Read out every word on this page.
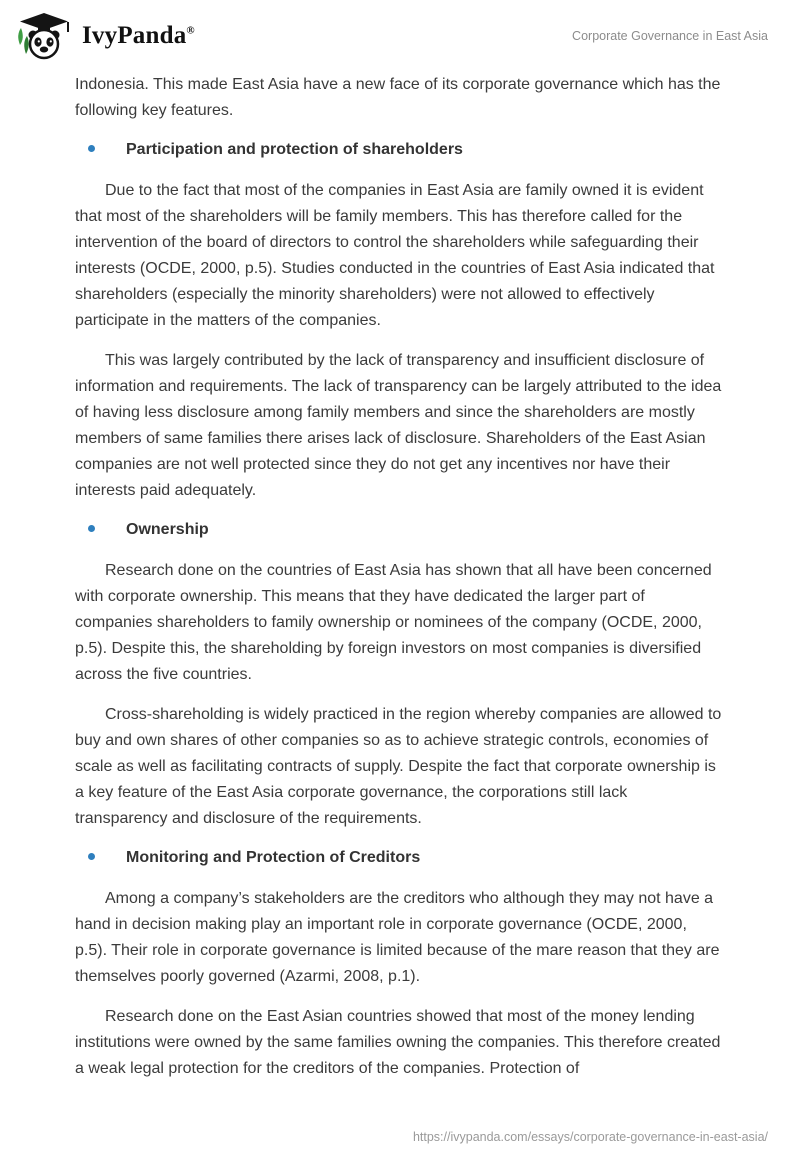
IvyPanda®	Corporate Governance in East Asia

Indonesia. This made East Asia have a new face of its corporate governance which has the following key features.

Participation and protection of shareholders

Due to the fact that most of the companies in East Asia are family owned it is evident that most of the shareholders will be family members. This has therefore called for the intervention of the board of directors to control the shareholders while safeguarding their interests (OCDE, 2000, p.5). Studies conducted in the countries of East Asia indicated that shareholders (especially the minority shareholders) were not allowed to effectively participate in the matters of the companies.

This was largely contributed by the lack of transparency and insufficient disclosure of information and requirements. The lack of transparency can be largely attributed to the idea of having less disclosure among family members and since the shareholders are mostly members of same families there arises lack of disclosure. Shareholders of the East Asian companies are not well protected since they do not get any incentives nor have their interests paid adequately.

Ownership

Research done on the countries of East Asia has shown that all have been concerned with corporate ownership. This means that they have dedicated the larger part of companies shareholders to family ownership or nominees of the company (OCDE, 2000, p.5). Despite this, the shareholding by foreign investors on most companies is diversified across the five countries.

Cross-shareholding is widely practiced in the region whereby companies are allowed to buy and own shares of other companies so as to achieve strategic controls, economies of scale as well as facilitating contracts of supply. Despite the fact that corporate ownership is a key feature of the East Asia corporate governance, the corporations still lack transparency and disclosure of the requirements.

Monitoring and Protection of Creditors

Among a company’s stakeholders are the creditors who although they may not have a hand in decision making play an important role in corporate governance (OCDE, 2000, p.5). Their role in corporate governance is limited because of the mare reason that they are themselves poorly governed (Azarmi, 2008, p.1).

Research done on the East Asian countries showed that most of the money lending institutions were owned by the same families owning the companies. This therefore created a weak legal protection for the creditors of the companies. Protection of

https://ivypanda.com/essays/corporate-governance-in-east-asia/
